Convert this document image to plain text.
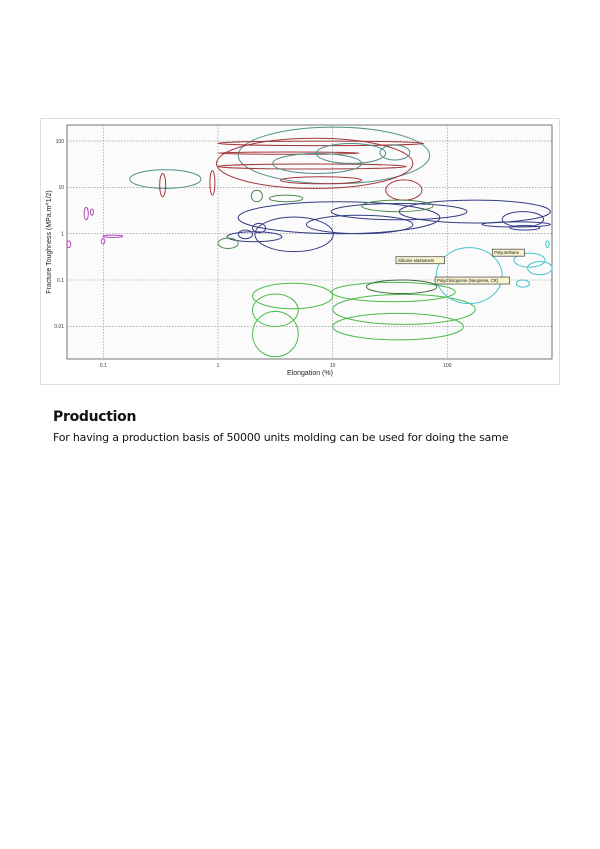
0.1	1	10	100
100
10
1
0.1
0.01
Silicone elastomers
Polyurethane
Polychloroprene (Neoprene, CR)
Elongation (%)
Fracture Toughness (MPa.m^1/2)
Production
For having a production basis of 50000 units molding can be used for doing the same
